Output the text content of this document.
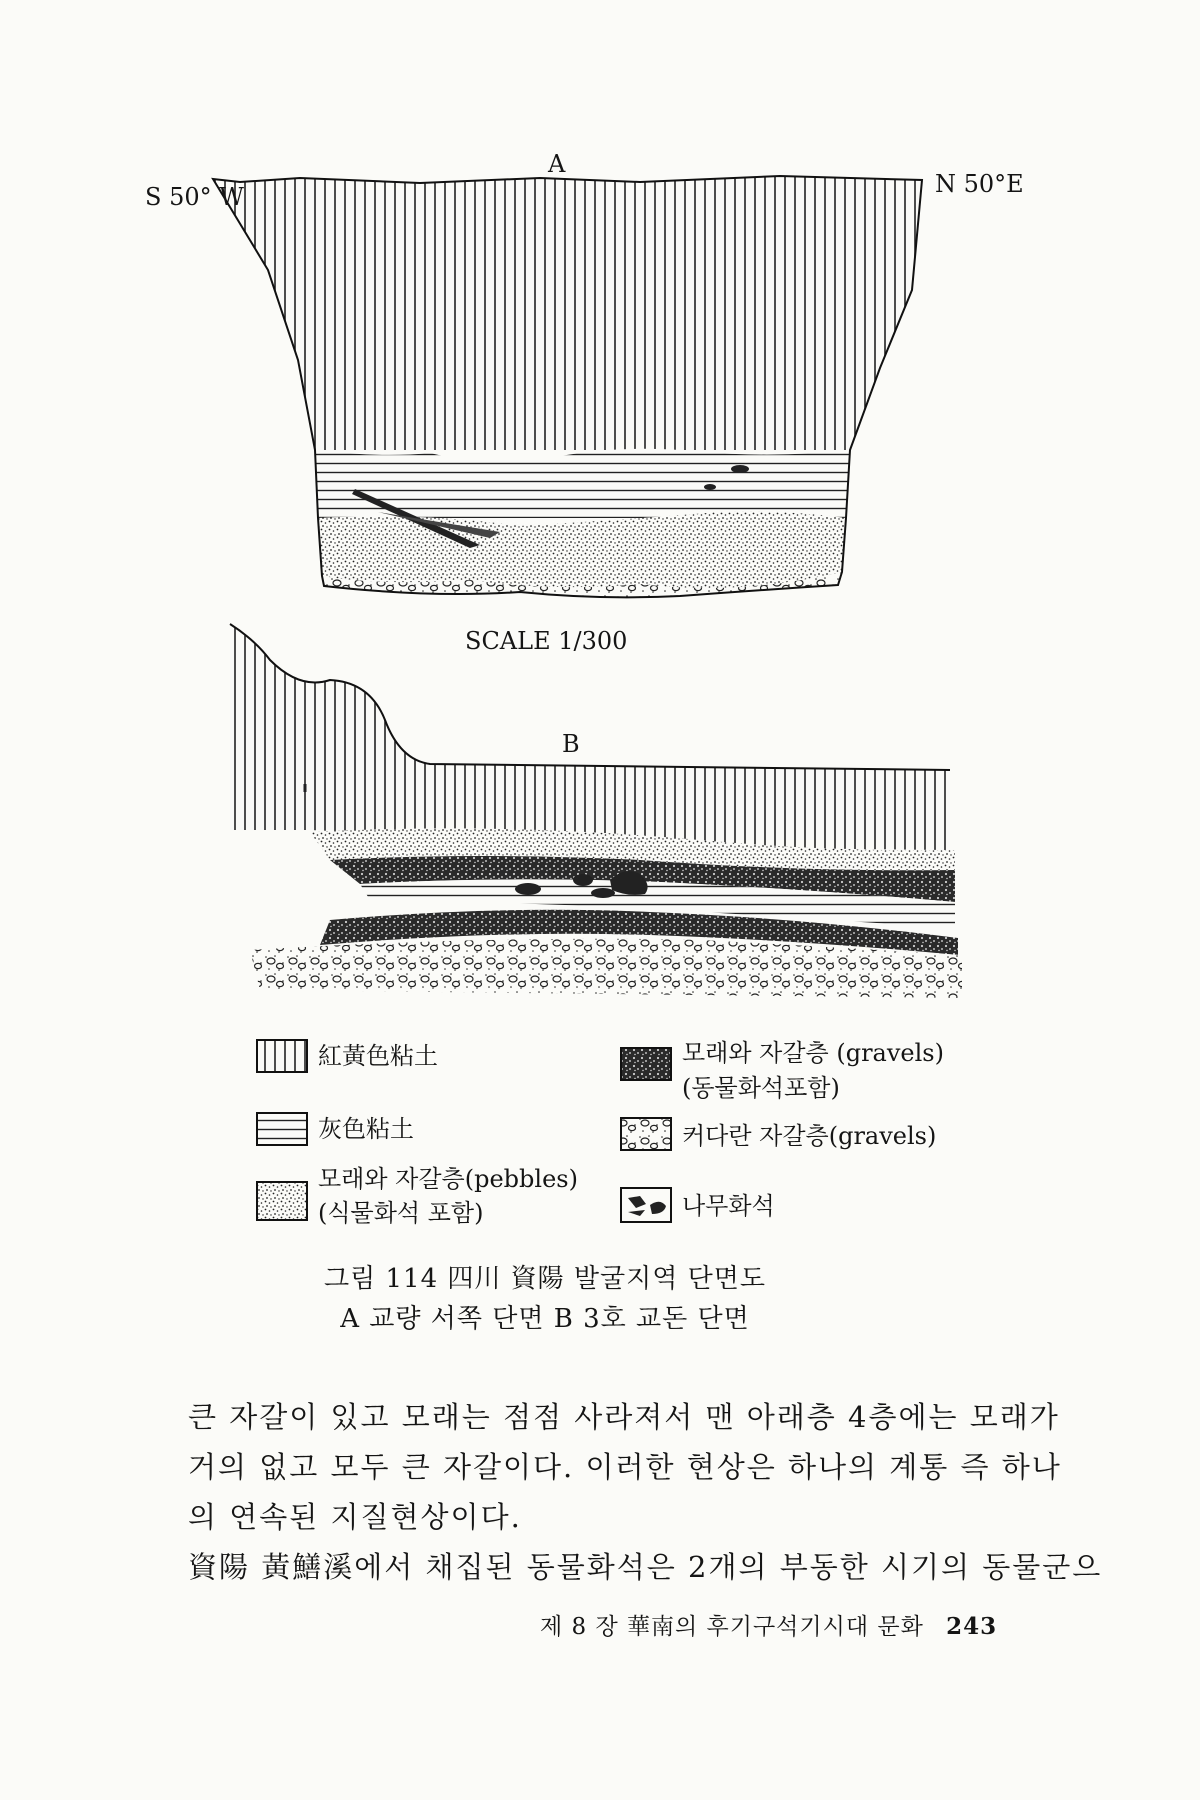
A
S 50° W	N 50°E
SCALE 1/300
B
紅黃色粘土
灰色粘土
모래와 자갈층(pebbles)
(식물화석 포함)
모래와 자갈층 (gravels)
(동물화석포함)
커다란 자갈층(gravels)
나무화석
그림 114 四川 資陽 발굴지역 단면도
A 교량 서쪽 단면 B 3호 교돈 단면
큰 자갈이 있고 모래는 점점 사라져서 맨 아래층 4층에는 모래가
거의 없고 모두 큰 자갈이다. 이러한 현상은 하나의 계통 즉 하나
의 연속된 지질현상이다.
資陽 黃鱔溪에서 채집된 동물화석은 2개의 부동한 시기의 동물군으
제 8 장 華南의 후기구석기시대 문화 243
